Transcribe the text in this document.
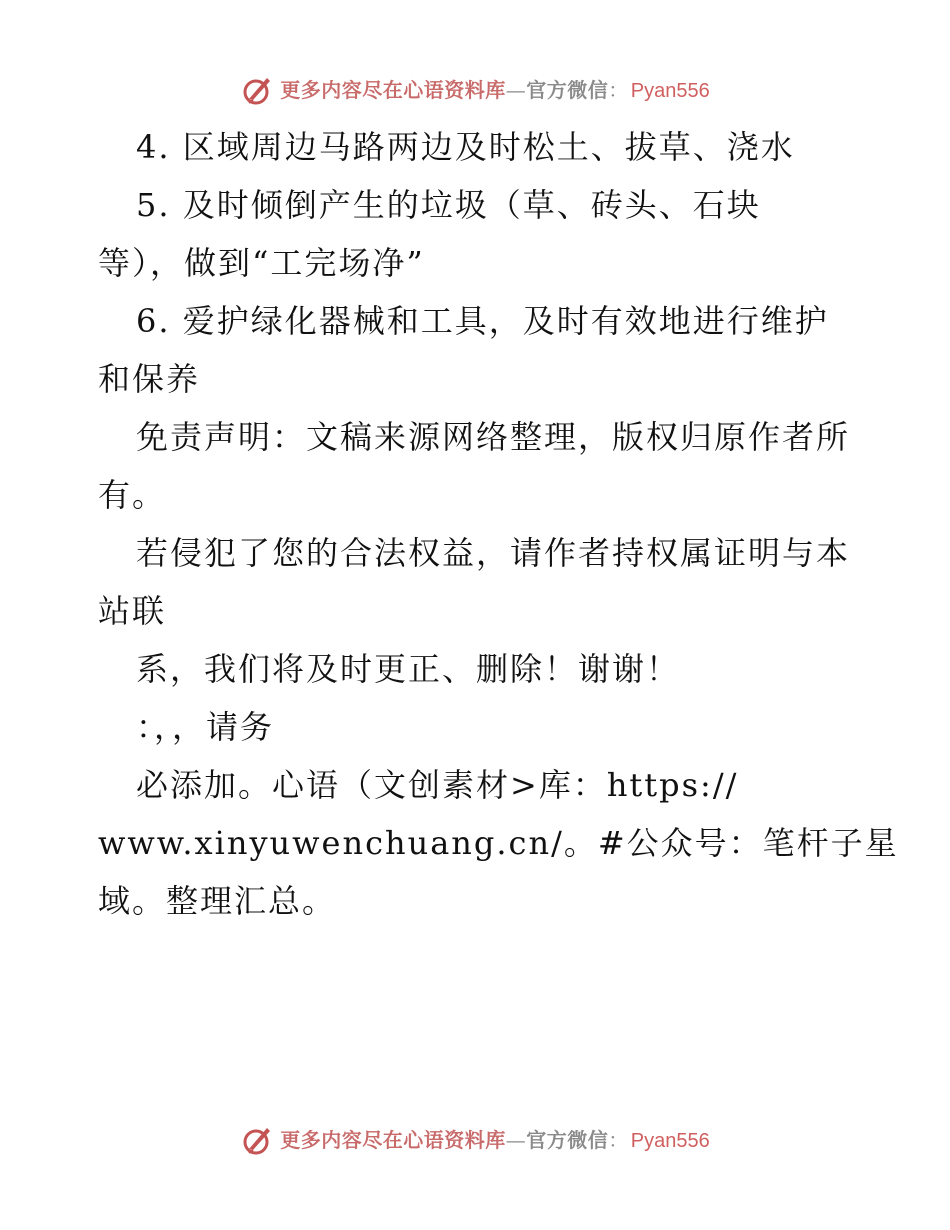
更多内容尽在心语资料库 — 官方微信 ： Pyan556
4. 区域周边马路两边及时松土、拔草、浇水
5. 及时倾倒产生的垃圾（草、砖头、石块
等），做到“工完场净”
6. 爱护绿化器械和工具，及时有效地进行维护
和保养
免责声明：文稿来源网络整理，版权归原作者所
有。
若侵犯了您的合法权益，请作者持权属证明与本
站联
系，我们将及时更正、删除！谢谢！
：，，请务
必添加。心语（文创素材>库：https://
www.xinyuwenchuang.cn/。#公众号：笔杆子星
域。整理汇总。
更多内容尽在心语资料库 — 官方微信 ： Pyan556
